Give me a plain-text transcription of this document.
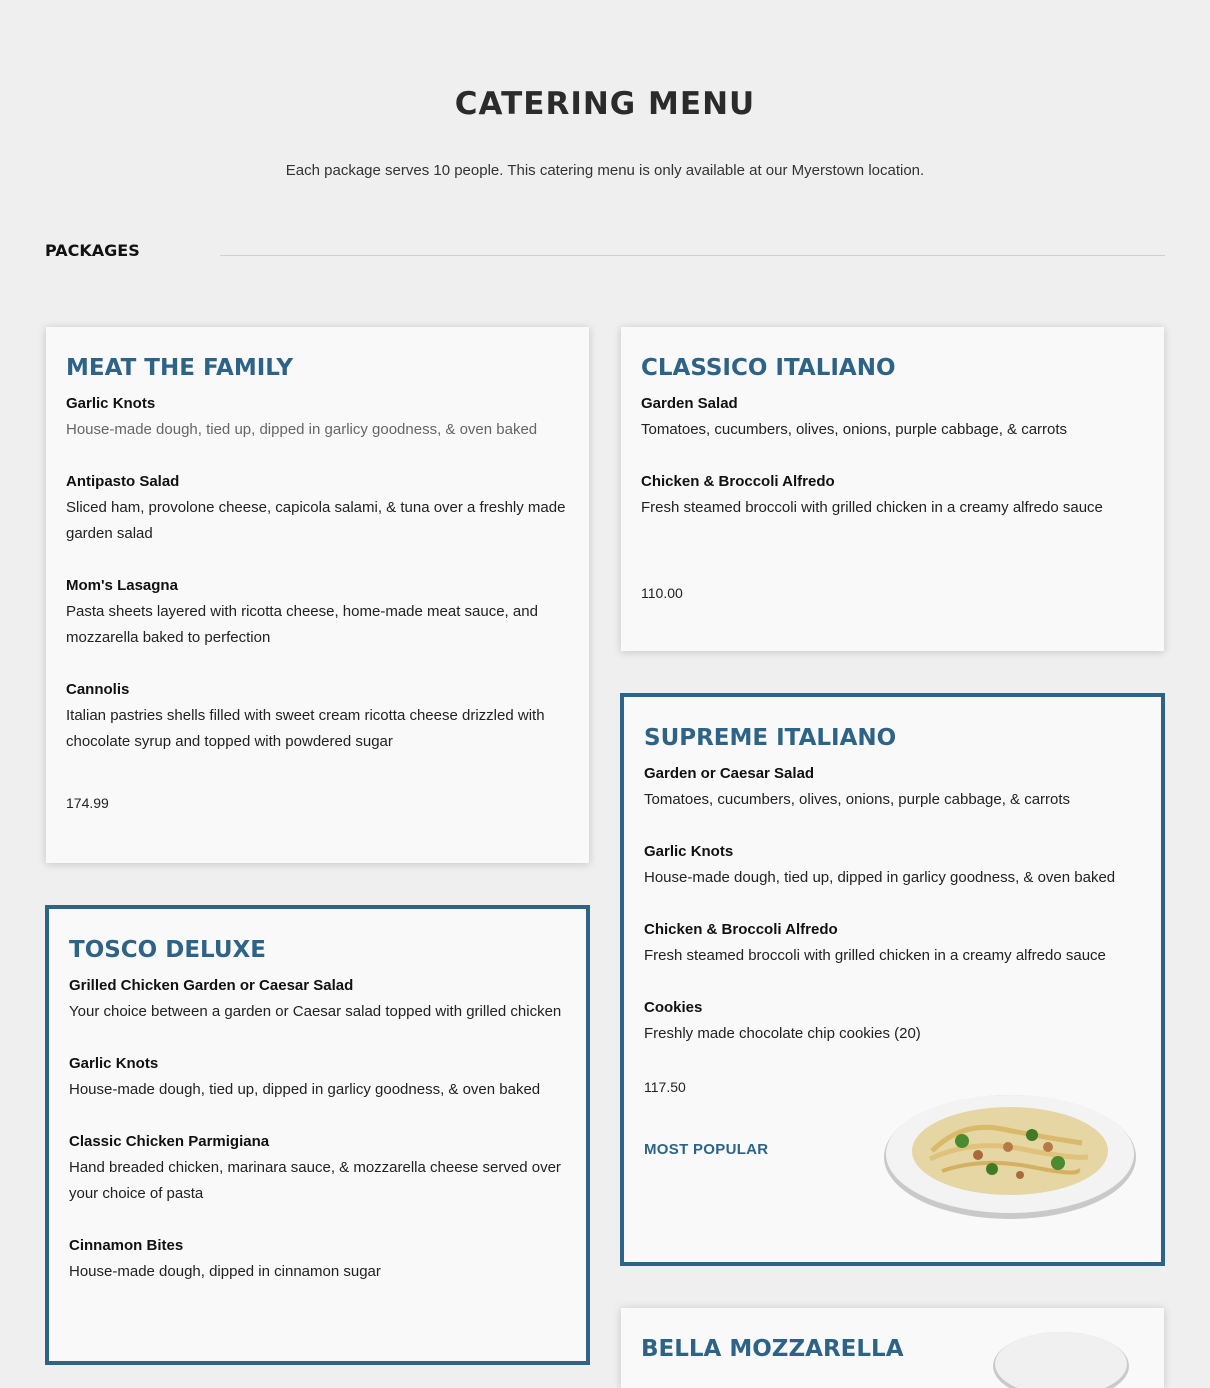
CATERING MENU
Each package serves 10 people. This catering menu is only available at our Myerstown location.
PACKAGES
MEAT THE FAMILY
Garlic Knots
House-made dough, tied up, dipped in garlicy goodness, & oven baked
Antipasto Salad
Sliced ham, provolone cheese, capicola salami, & tuna over a freshly made garden salad
Mom's Lasagna
Pasta sheets layered with ricotta cheese, home-made meat sauce, and mozzarella baked to perfection
Cannolis
Italian pastries shells filled with sweet cream ricotta cheese drizzled with chocolate syrup and topped with powdered sugar
174.99
CLASSICO ITALIANO
Garden Salad
Tomatoes, cucumbers, olives, onions, purple cabbage, & carrots
Chicken & Broccoli Alfredo
Fresh steamed broccoli with grilled chicken in a creamy alfredo sauce
110.00
SUPREME ITALIANO
Garden or Caesar Salad
Tomatoes, cucumbers, olives, onions, purple cabbage, & carrots
Garlic Knots
House-made dough, tied up, dipped in garlicy goodness, & oven baked
Chicken & Broccoli Alfredo
Fresh steamed broccoli with grilled chicken in a creamy alfredo sauce
Cookies
Freshly made chocolate chip cookies (20)
117.50
MOST POPULAR
TOSCO DELUXE
Grilled Chicken Garden or Caesar Salad
Your choice between a garden or Caesar salad topped with grilled chicken
Garlic Knots
House-made dough, tied up, dipped in garlicy goodness, & oven baked
Classic Chicken Parmigiana
Hand breaded chicken, marinara sauce, & mozzarella cheese served over your choice of pasta
Cinnamon Bites
House-made dough, dipped in cinnamon sugar
BELLA MOZZARELLA
